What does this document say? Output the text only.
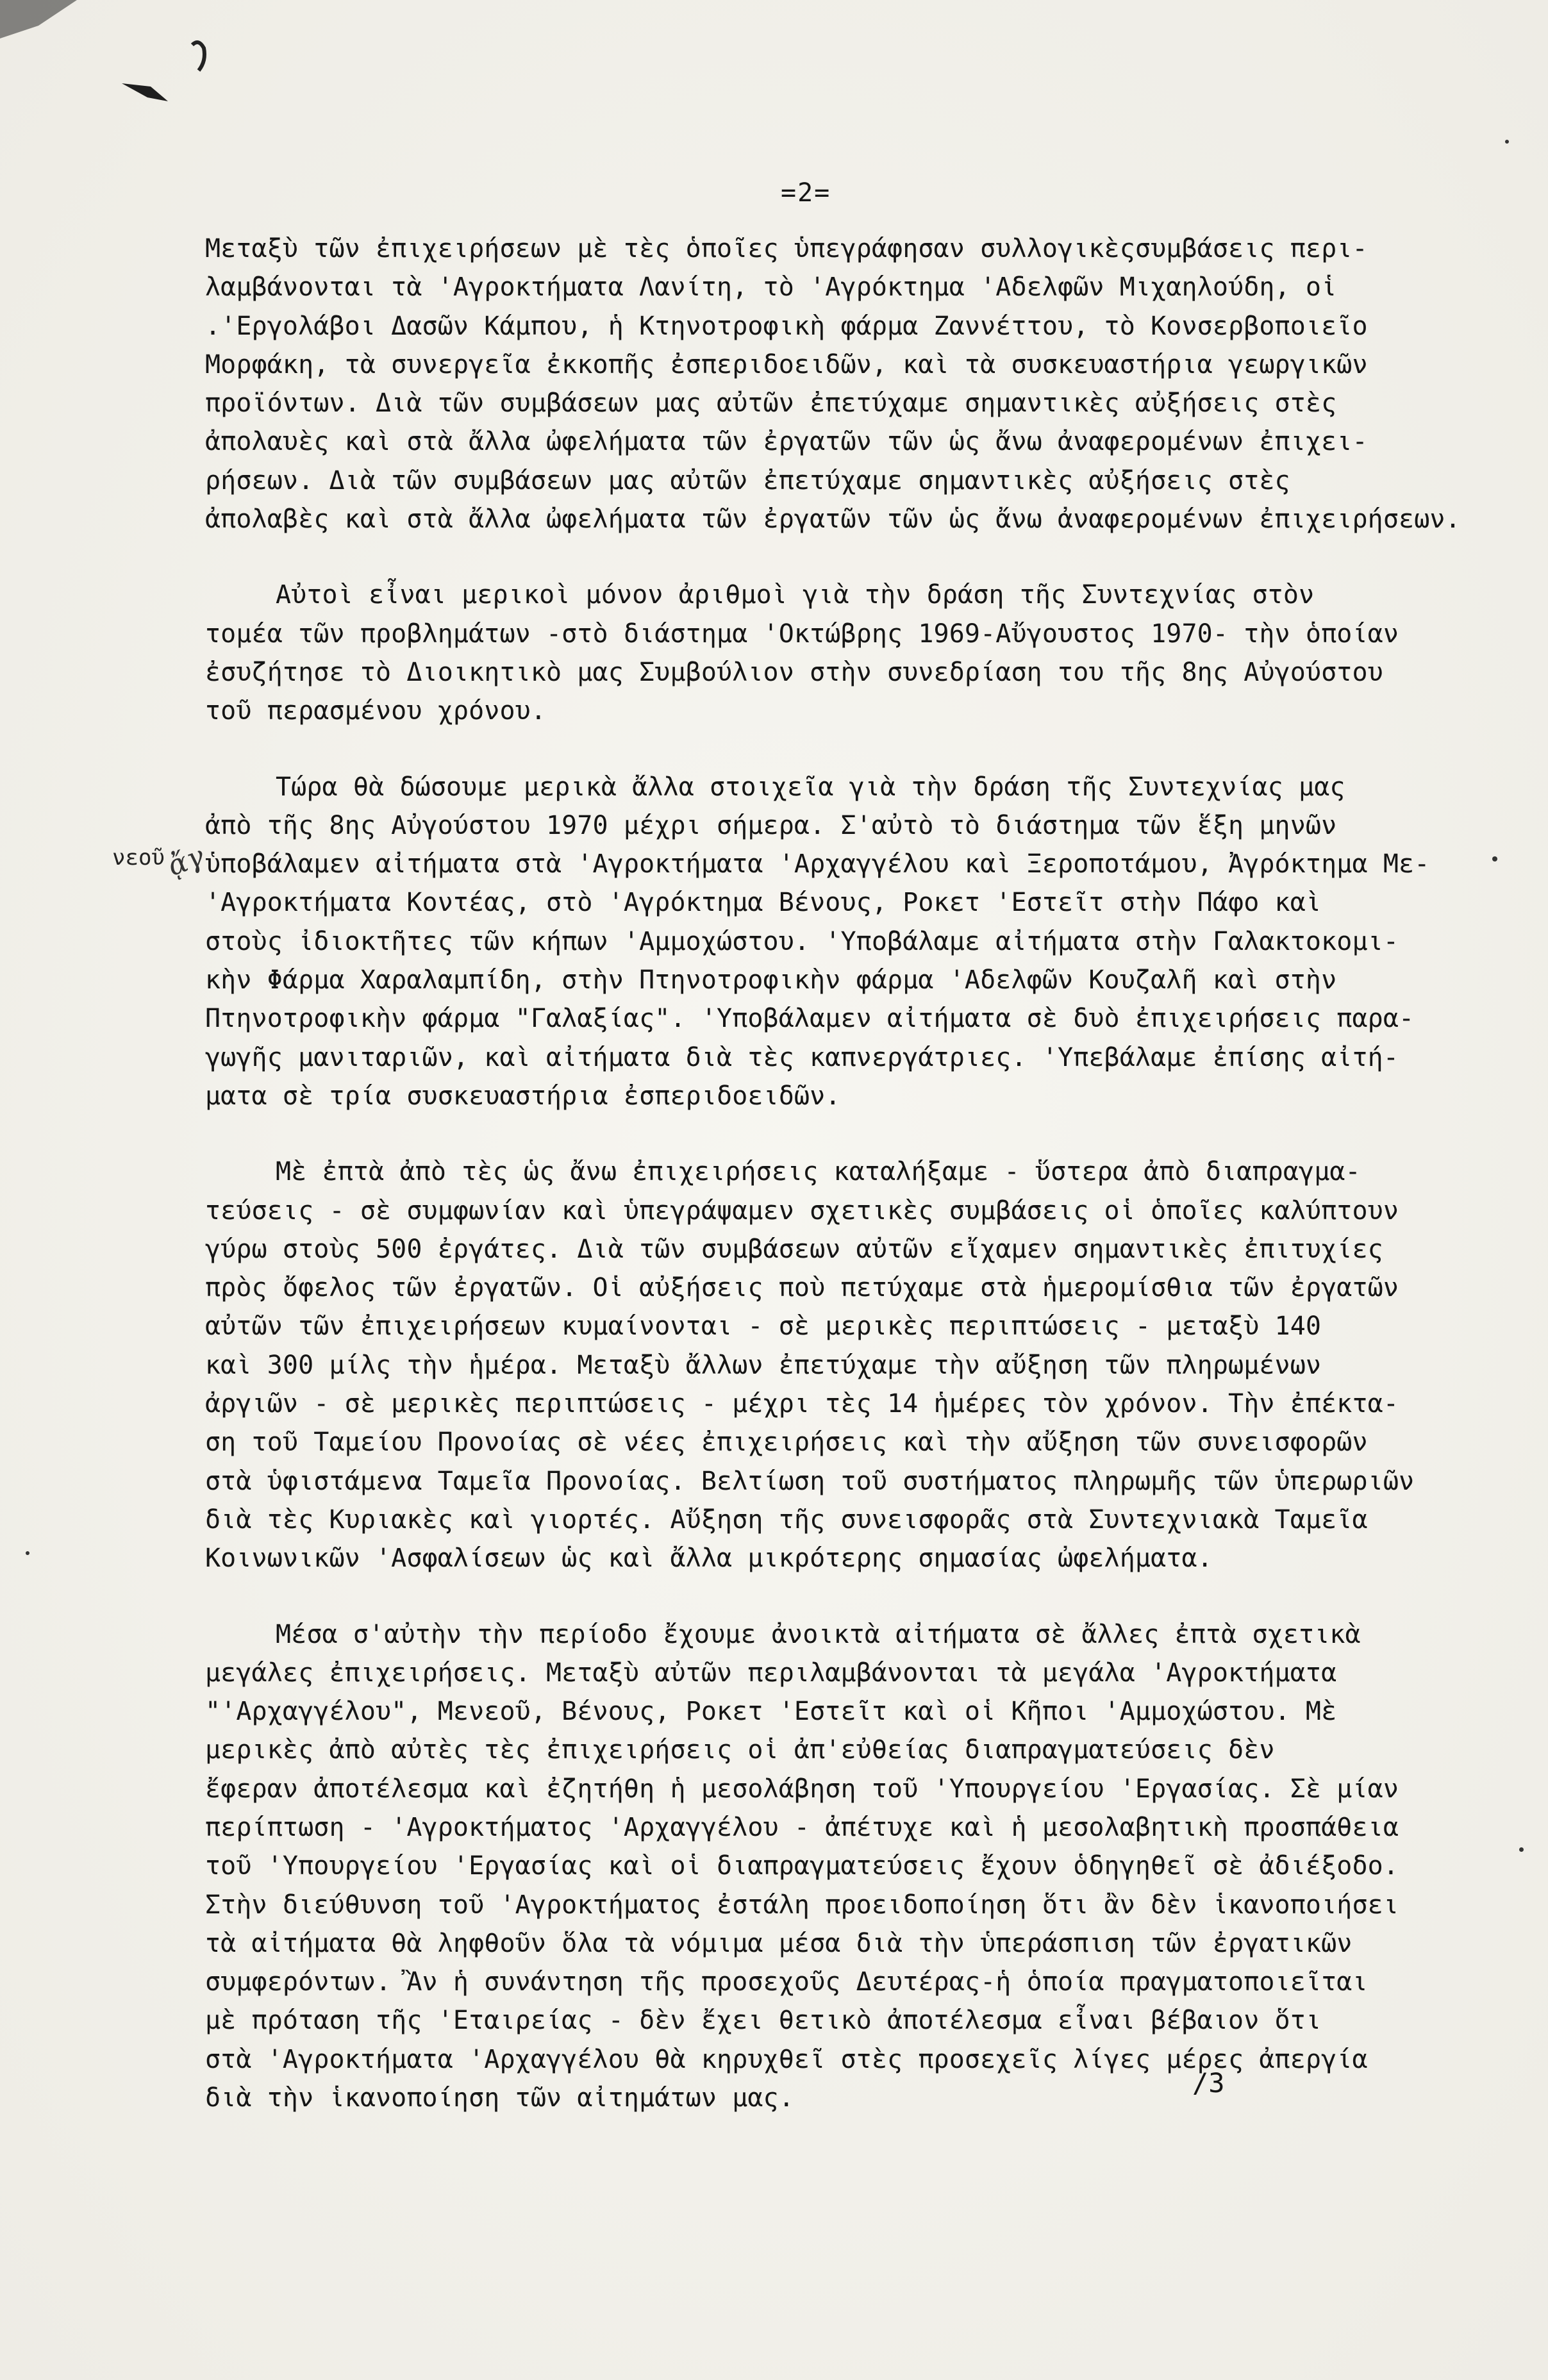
=2=
νεοῦ
ᾄγ
Μεταξὺ τῶν ἐπιχειρήσεων μὲ τὲς ὁποῖες ὑπεγράφησαν συλλογικὲςσυμβάσεις περι-
λαμβάνονται τὰ 'Αγροκτήματα Λανίτη, τὸ 'Αγρόκτημα 'Αδελφῶν Μιχαηλούδη, οἱ
.'Εργολάβοι Δασῶν Κάμπου, ἡ Κτηνοτροφικὴ φάρμα Ζαννέττου, τὸ Κονσερβοποιεῖο
Μορφάκη, τὰ συνεργεῖα ἐκκοπῆς ἐσπεριδοειδῶν, καὶ τὰ συσκευαστήρια γεωργικῶν
προϊόντων. Διὰ τῶν συμβάσεων μας αὐτῶν ἐπετύχαμε σημαντικὲς αὐξήσεις στὲς
ἀπολαυὲς καὶ στὰ ἄλλα ὠφελήματα τῶν ἐργατῶν τῶν ὡς ἄνω ἀναφερομένων ἐπιχει-
ρήσεων. Διὰ τῶν συμβάσεων μας αὐτῶν ἐπετύχαμε σημαντικὲς αὐξήσεις στὲς
ἀπολαβὲς καὶ στὰ ἄλλα ὠφελήματα τῶν ἐργατῶν τῶν ὡς ἄνω ἀναφερομένων ἐπιχειρήσεων.
Αὐτοὶ εἶναι μερικοὶ μόνον ἀριθμοὶ γιὰ τὴν δράση τῆς Συντεχνίας στὸν
τομέα τῶν προβλημάτων -στὸ διάστημα 'Οκτώβρης 1969-Αὔγουστος 1970- τὴν ὁποίαν
ἐσυζήτησε τὸ Διοικητικὸ μας Συμβούλιον στὴν συνεδρίαση του τῆς 8ης Αὐγούστου
τοῦ περασμένου χρόνου.
Τώρα θὰ δώσουμε μερικὰ ἄλλα στοιχεῖα γιὰ τὴν δράση τῆς Συντεχνίας μας
ἀπὸ τῆς 8ης Αὐγούστου 1970 μέχρι σήμερα. Σ'αὐτὸ τὸ διάστημα τῶν ἕξη μηνῶν
ὑποβάλαμεν αἰτήματα στὰ 'Αγροκτήματα 'Αρχαγγέλου καὶ Ξεροποτάμου, Ἀγρόκτημα Με-
'Αγροκτήματα Κοντέας, στὸ 'Αγρόκτημα Βένους, Ροκετ 'Εστεῖτ στὴν Πάφο καὶ
στοὺς ἰδιοκτῆτες τῶν κήπων 'Αμμοχώστου. 'Υποβάλαμε αἰτήματα στὴν Γαλακτοκομι-
κὴν Φάρμα Χαραλαμπίδη, στὴν Πτηνοτροφικὴν φάρμα 'Αδελφῶν Κουζαλῆ καὶ στὴν
Πτηνοτροφικὴν φάρμα "Γαλαξίας". 'Υποβάλαμεν αἰτήματα σὲ δυὸ ἐπιχειρήσεις παρα-
γωγῆς μανιταριῶν, καὶ αἰτήματα διὰ τὲς καπνεργάτριες. 'Υπεβάλαμε ἐπίσης αἰτή-
ματα σὲ τρία συσκευαστήρια ἐσπεριδοειδῶν.
Μὲ ἐπτὰ ἀπὸ τὲς ὡς ἄνω ἐπιχειρήσεις καταλήξαμε - ὕστερα ἀπὸ διαπραγμα-
τεύσεις - σὲ συμφωνίαν καὶ ὑπεγράψαμεν σχετικὲς συμβάσεις οἱ ὁποῖες καλύπτουν
γύρω στοὺς 500 ἐργάτες. Διὰ τῶν συμβάσεων αὐτῶν εἴχαμεν σημαντικὲς ἐπιτυχίες
πρὸς ὄφελος τῶν ἐργατῶν. Οἱ αὐξήσεις ποὺ πετύχαμε στὰ ἡμερομίσθια τῶν ἐργατῶν
αὐτῶν τῶν ἐπιχειρήσεων κυμαίνονται - σὲ μερικὲς περιπτώσεις - μεταξὺ 140
καὶ 300 μίλς τὴν ἡμέρα. Μεταξὺ ἄλλων ἐπετύχαμε τὴν αὔξηση τῶν πληρωμένων
ἀργιῶν - σὲ μερικὲς περιπτώσεις - μέχρι τὲς 14 ἡμέρες τὸν χρόνον. Τὴν ἐπέκτα-
ση τοῦ Ταμείου Προνοίας σὲ νέες ἐπιχειρήσεις καὶ τὴν αὔξηση τῶν συνεισφορῶν
στὰ ὑφιστάμενα Ταμεῖα Προνοίας. Βελτίωση τοῦ συστήματος πληρωμῆς τῶν ὑπερωριῶν
διὰ τὲς Κυριακὲς καὶ γιορτές. Αὔξηση τῆς συνεισφορᾶς στὰ Συντεχνιακὰ Ταμεῖα
Κοινωνικῶν 'Ασφαλίσεων ὡς καὶ ἄλλα μικρότερης σημασίας ὠφελήματα.
Μέσα σ'αὐτὴν τὴν περίοδο ἔχουμε ἀνοικτὰ αἰτήματα σὲ ἄλλες ἐπτὰ σχετικὰ
μεγάλες ἐπιχειρήσεις. Μεταξὺ αὐτῶν περιλαμβάνονται τὰ μεγάλα 'Αγροκτήματα
"'Αρχαγγέλου", Μενεοῦ, Βένους, Ροκετ 'Εστεῖτ καὶ οἱ Κῆποι 'Αμμοχώστου. Μὲ
μερικὲς ἀπὸ αὐτὲς τὲς ἐπιχειρήσεις οἱ ἀπ'εὐθείας διαπραγματεύσεις δὲν
ἔφεραν ἀποτέλεσμα καὶ ἐζητήθη ἡ μεσολάβηση τοῦ 'Υπουργείου 'Εργασίας. Σὲ μίαν
περίπτωση - 'Αγροκτήματος 'Αρχαγγέλου - ἀπέτυχε καὶ ἡ μεσολαβητικὴ προσπάθεια
τοῦ 'Υπουργείου 'Εργασίας καὶ οἱ διαπραγματεύσεις ἔχουν ὁδηγηθεῖ σὲ ἀδιέξοδο.
Στὴν διεύθυνση τοῦ 'Αγροκτήματος ἐστάλη προειδοποίηση ὅτι ἂν δὲν ἱκανοποιήσει
τὰ αἰτήματα θὰ ληφθοῦν ὅλα τὰ νόμιμα μέσα διὰ τὴν ὑπεράσπιση τῶν ἐργατικῶν
συμφερόντων. Ἂν ἡ συνάντηση τῆς προσεχοῦς Δευτέρας-ἡ ὁποία πραγματοποιεῖται
μὲ πρόταση τῆς 'Εταιρείας - δὲν ἔχει θετικὸ ἀποτέλεσμα εἶναι βέβαιον ὅτι
στὰ 'Αγροκτήματα 'Αρχαγγέλου θὰ κηρυχθεῖ στὲς προσεχεῖς λίγες μέρες ἀπεργία
διὰ τὴν ἱκανοποίηση τῶν αἰτημάτων μας.	/3
